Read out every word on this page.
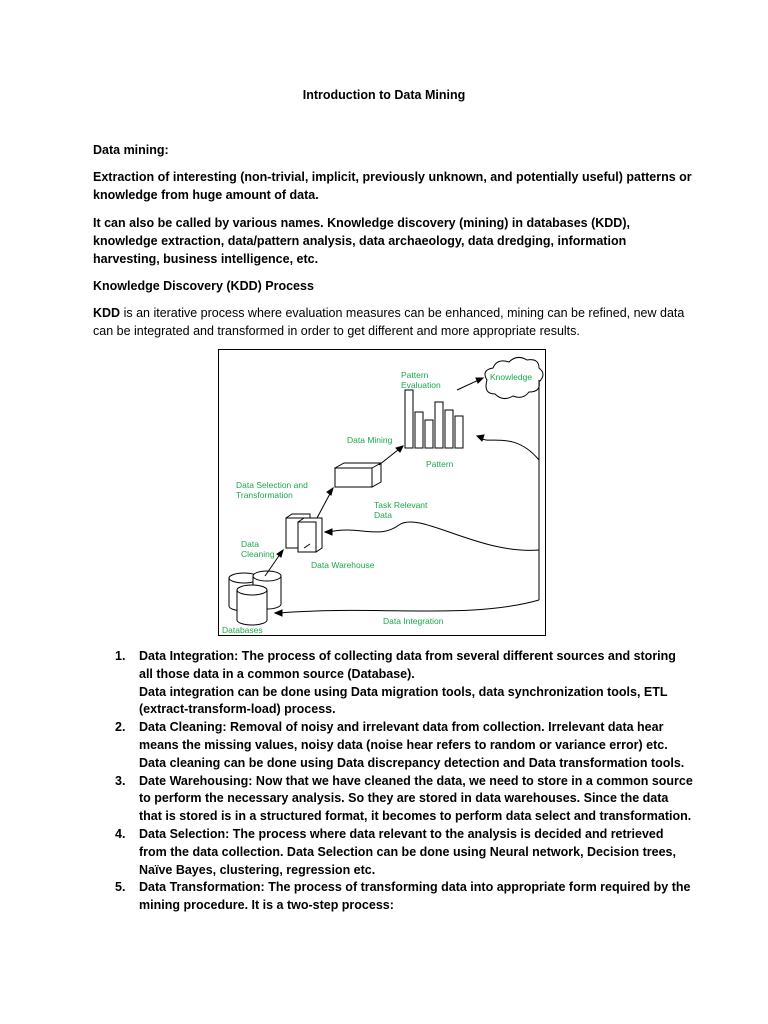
Introduction to Data Mining
Data mining:
Extraction of interesting (non-trivial, implicit, previously unknown, and potentially useful) patterns or knowledge from huge amount of data.
It can also be called by various names. Knowledge discovery (mining) in databases (KDD), knowledge extraction, data/pattern analysis, data archaeology, data dredging, information harvesting, business intelligence, etc.
Knowledge Discovery (KDD) Process
KDD is an iterative process where evaluation measures can be enhanced, mining can be refined, new data can be integrated and transformed in order to get different and more appropriate results.
Pattern
Evaluation
Knowledge
Data Mining
Pattern
Data Selection and
Transformation
Task Relevant
Data
Data
Cleaning
Data Warehouse
Databases
Data Integration
1. Data Integration: The process of collecting data from several different sources and storing all those data in a common source (Database).
Data integration can be done using Data migration tools, data synchronization tools, ETL (extract-transform-load) process.
2. Data Cleaning: Removal of noisy and irrelevant data from collection. Irrelevant data hear means the missing values, noisy data (noise hear refers to random or variance error) etc.
Data cleaning can be done using Data discrepancy detection and Data transformation tools.
3. Date Warehousing: Now that we have cleaned the data, we need to store in a common source to perform the necessary analysis. So they are stored in data warehouses. Since the data that is stored is in a structured format, it becomes to perform data select and transformation.
4. Data Selection: The process where data relevant to the analysis is decided and retrieved from the data collection. Data Selection can be done using Neural network, Decision trees, Naïve Bayes, clustering, regression etc.
5. Data Transformation: The process of transforming data into appropriate form required by the mining procedure. It is a two-step process:
